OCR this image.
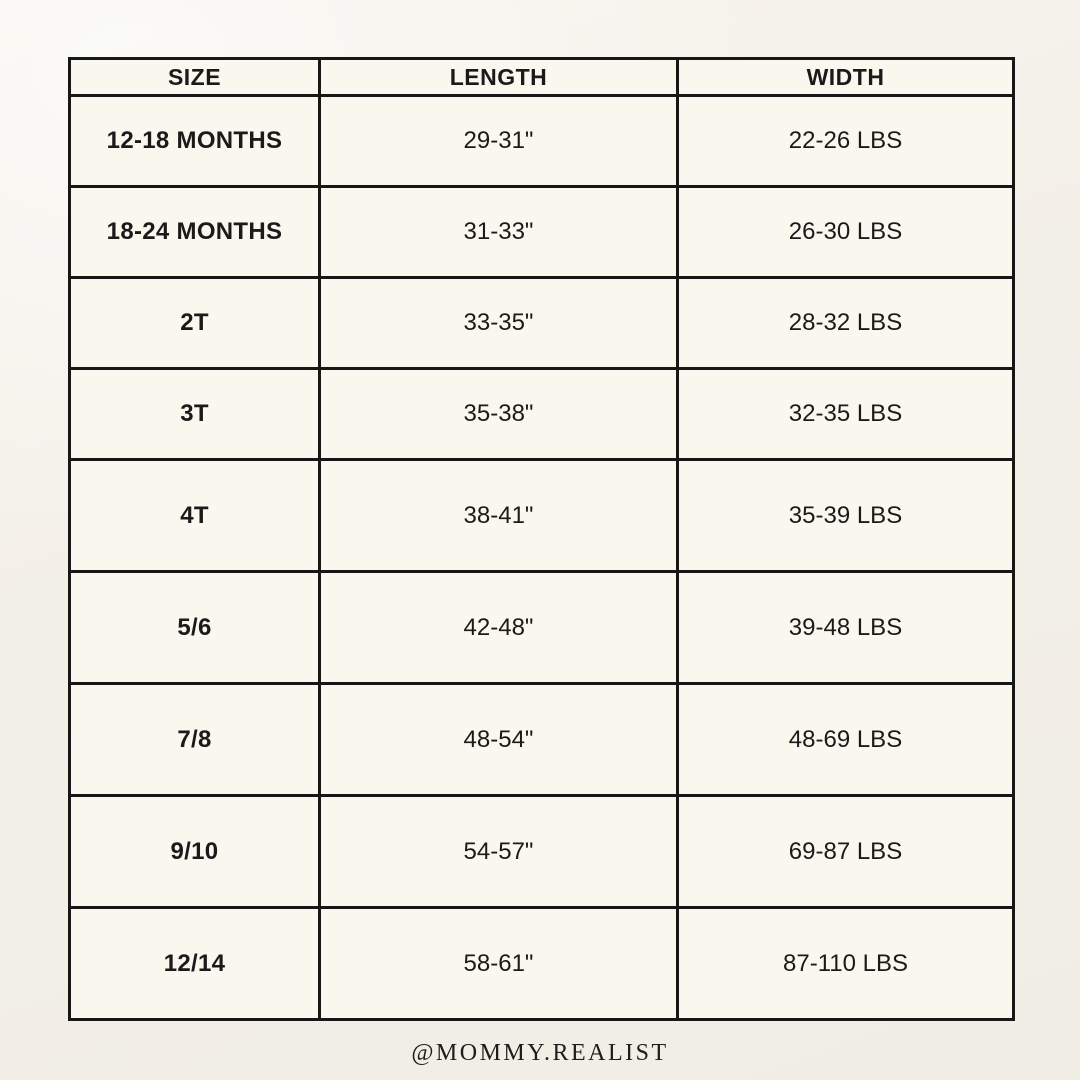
SIZE	LENGTH	WIDTH
12-18 MONTHS	29-31"	22-26 LBS
18-24 MONTHS	31-33"	26-30 LBS
2T	33-35"	28-32 LBS
3T	35-38"	32-35 LBS
4T	38-41"	35-39 LBS
5/6	42-48"	39-48 LBS
7/8	48-54"	48-69 LBS
9/10	54-57"	69-87 LBS
12/14	58-61"	87-110 LBS
@MOMMY.REALIST
